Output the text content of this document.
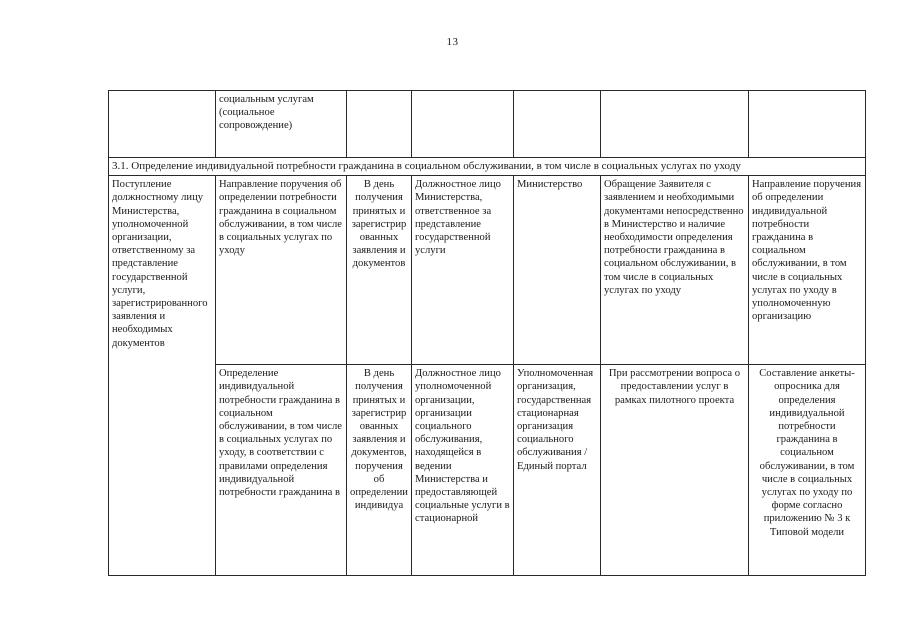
13

	социальным услугам (социальное сопровождение)					

3.1. Определение индивидуальной потребности гражданина в социальном обслуживании, в том числе в социальных услугах по уходу						

Поступление должностному лицу Министерства, уполномоченной организации, ответственному за представление государственной услуги, зарегистрированного заявления и необходимых документов	Направление поручения об определении потребности гражданина в социальном обслуживании, в том числе в социальных услугах по уходу	В день получения принятых и зарегистрированных заявления и документов	Должностное лицо Министерства, ответственное за представление государственной услуги	Министерство	Обращение Заявителя с заявлением и необходимыми документами непосредственно в Министерство и наличие необходимости определения потребности гражданина в социальном обслуживании, в том числе в социальных услугах по уходу	Направление поручения об определении индивидуальной потребности гражданина в социальном обслуживании, в том числе в социальных услугах по уходу в уполномоченную организацию

	Определение индивидуальной потребности гражданина в социальном обслуживании, в том числе в социальных услугах по уходу, в соответствии с правилами определения индивидуальной потребности гражданина в	В день получения принятых и зарегистрированных заявления и документов, поручения об определении индивидуа	Должностное лицо уполномоченной организации, организации социального обслуживания, находящейся в ведении Министерства и предоставляющей социальные услуги в стационарной	Уполномоченная организация, государственная стационарная организация социального обслуживания / Единый портал	При рассмотрении вопроса о предоставлении услуг в рамках пилотного проекта	Составление анкеты-опросника для определения индивидуальной потребности гражданина в социальном обслуживании, в том числе в социальных услугах по уходу по форме согласно приложению № 3 к Типовой модели
